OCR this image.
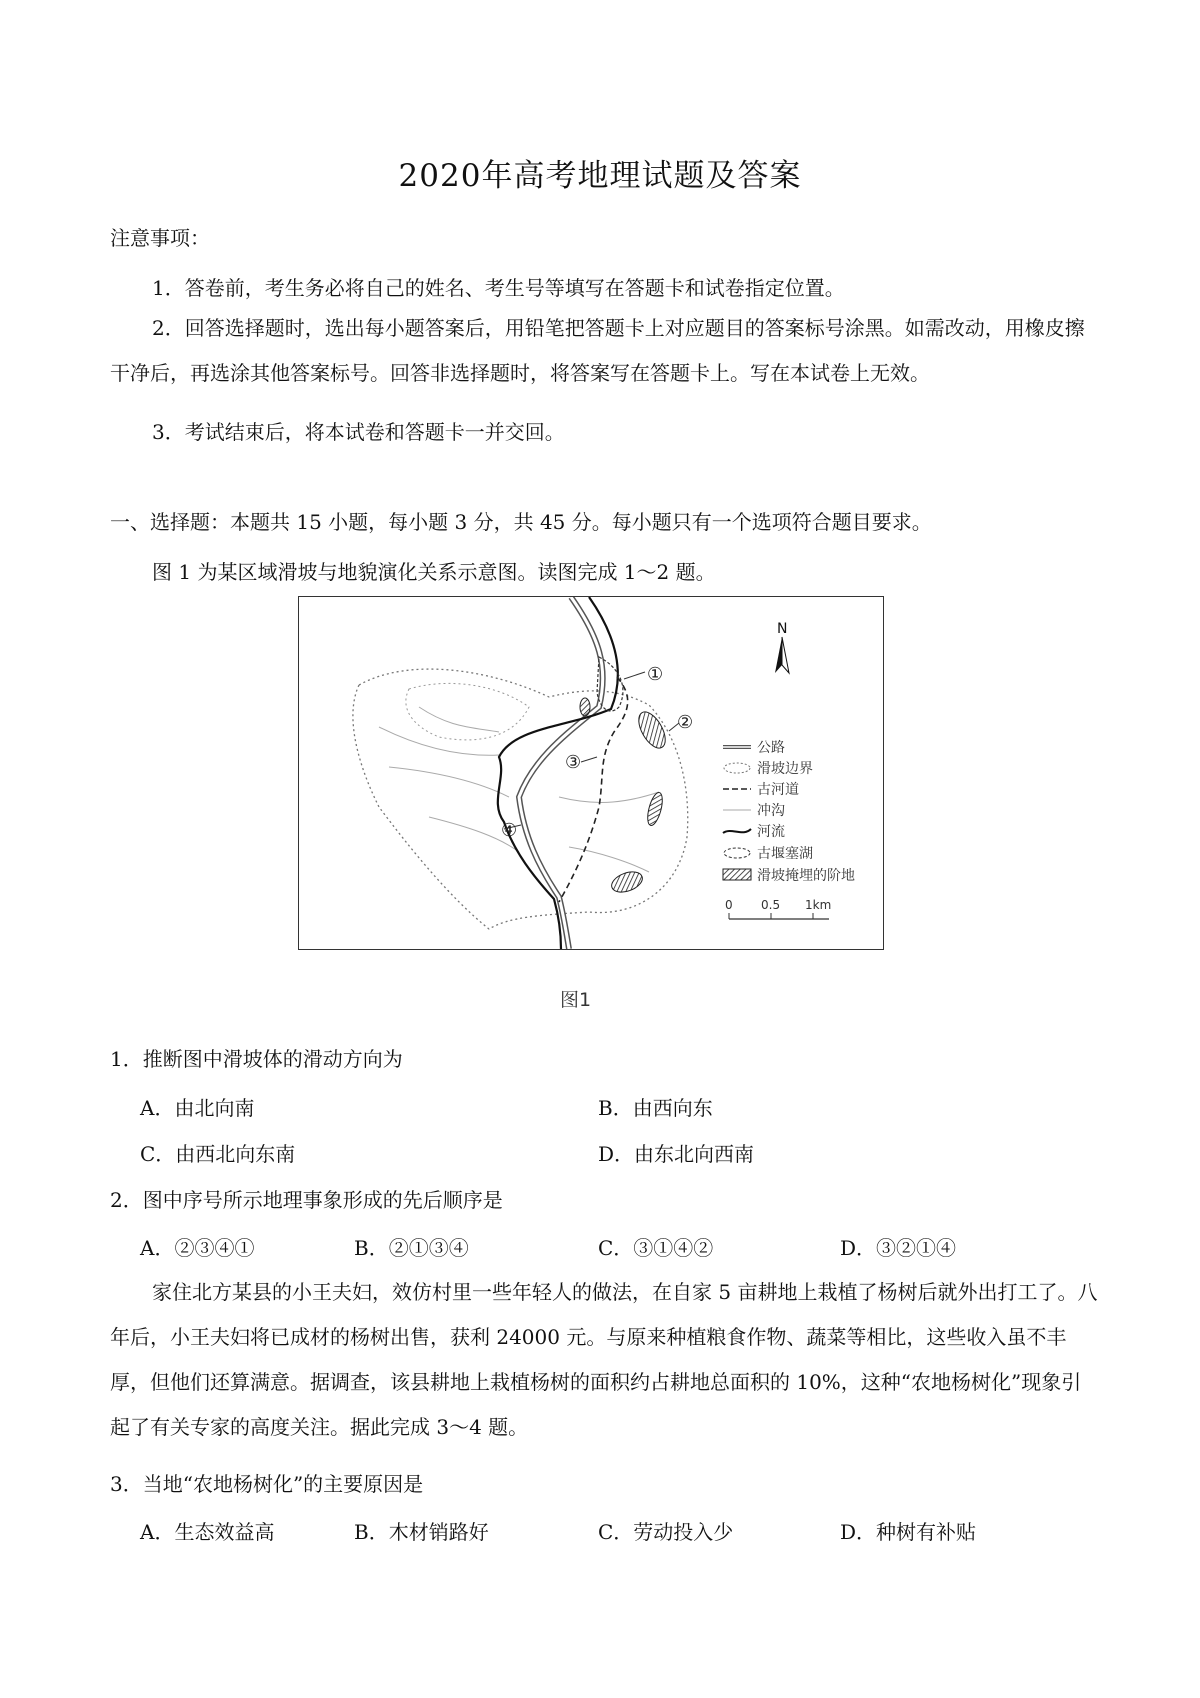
2020年高考地理试题及答案
注意事项：
1．答卷前，考生务必将自己的姓名、考生号等填写在答题卡和试卷指定位置。
2．回答选择题时，选出每小题答案后，用铅笔把答题卡上对应题目的答案标号涂黑。如需改动，用橡皮擦干净后，再选涂其他答案标号。回答非选择题时，将答案写在答题卡上。写在本试卷上无效。
3．考试结束后，将本试卷和答题卡一并交回。
一、选择题：本题共 15 小题，每小题 3 分，共 45 分。每小题只有一个选项符合题目要求。
图 1 为某区域滑坡与地貌演化关系示意图。读图完成 1～2 题。
①
②
③
④
N
公路
滑坡边界
古河道
冲沟
河流
古堰塞湖
滑坡掩埋的阶地
0 0.5 1km
图1
1．推断图中滑坡体的滑动方向为
A．由北向南	B．由西向东
C．由西北向东南	D．由东北向西南
2．图中序号所示地理事象形成的先后顺序是
A．②③④①	B．②①③④	C．③①④②	D．③②①④
家住北方某县的小王夫妇，效仿村里一些年轻人的做法，在自家 5 亩耕地上栽植了杨树后就外出打工了。八年后，小王夫妇将已成材的杨树出售，获利 24000 元。与原来种植粮食作物、蔬菜等相比，这些收入虽不丰厚，但他们还算满意。据调查，该县耕地上栽植杨树的面积约占耕地总面积的 10%，这种“农地杨树化”现象引起了有关专家的高度关注。据此完成 3～4 题。
3．当地“农地杨树化”的主要原因是
A．生态效益高	B．木材销路好	C．劳动投入少	D．种树有补贴
